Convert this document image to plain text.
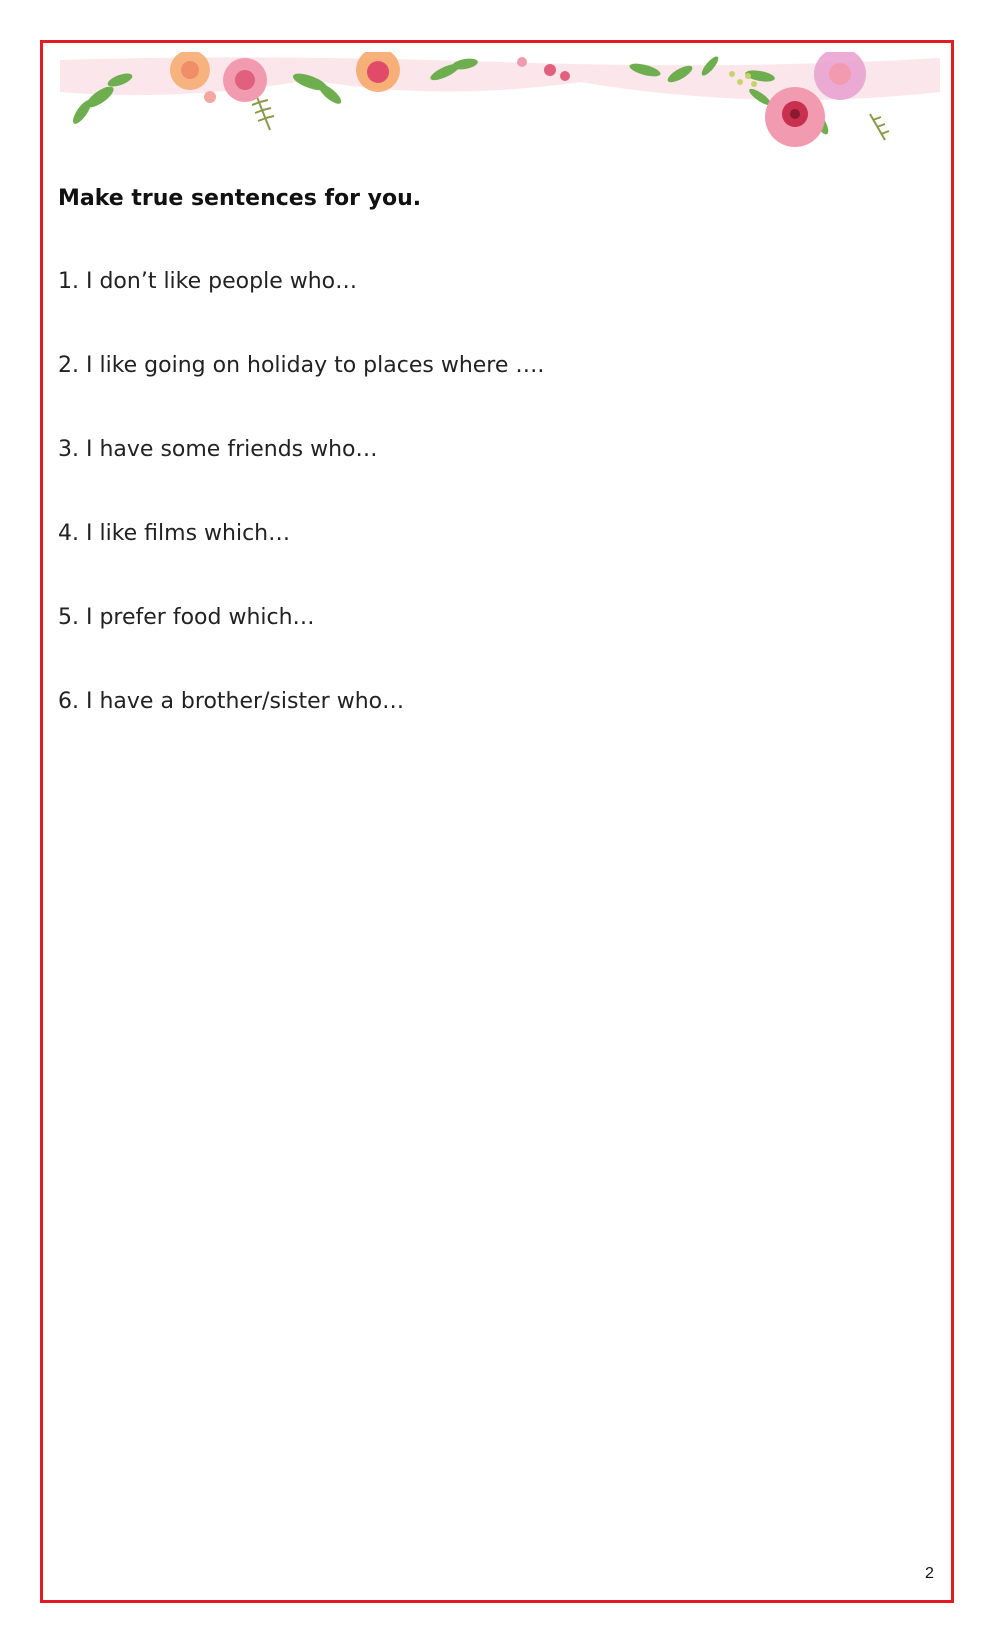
Make true sentences for you.

1. I don’t like people who…
2. I like going on holiday to places where ….
3. I have some friends who…
4. I like films which…
5. I prefer food which…
6. I have a brother/sister who…
2
